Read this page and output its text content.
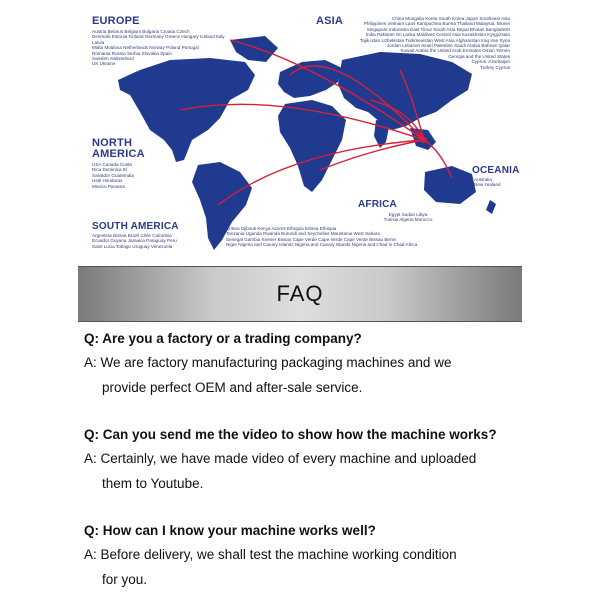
EUROPE
Austria Belarus Belgium Bulgaria Croatia Czech
Denmark Estonia Finland Germany Greece Hungary Iceland Italy
Latvia
Malta Moldova Netherlands Norway Poland Portugal
Romania Russia Serbia Slovakia Spain
Sweden Switzerland
UK Ukraine
ASIA	China Mongolia Korea South Korea Japan Southeast Asia
Philippines Vietnam Laos Kampuchea Burma Thailand Malaysia, Brunei
Singapore Indonesia East Timor South Asia Nepal Bhutan Bangladesh
India Pakistan Sri Lanka Maldives Central Asia Kazakhstan Kyrgyzstan
Tajik istan Uzbekistan Turkmenistan West Asia Afghanistan Iraq Iran Syria
Jordan Lebanon Israel Palestine Saudi Arabia Bahrain Qatar
Kuwait Arabia the United Arab Emirates Oman Yemen
Georgia and the United States
Cyprus, Azerbaijan
Turkey Cyprus
NORTH
AMERICA
USA Canada Costa
Rica Dominica El
Salvador Guatemala
Haiti Honduras
Mexico Panama
OCEANIA
Australia
New zealand
AFRICA
Egypt Sudan Libya
Tunisia Algeria Morocco
Eritrea Djibouti Kenya Azores Ethiopia Eritrea Ethiopia
Tanzania Uganda Rwanda Burundi and Seychelles Mauritania West Sahara
Senegal Gambia Keener Bissau Cape Verde Cape Verde Cape Verde Bissau Benin
Niger Nigeria and Canary Islands Nigeria and Canary Islands Nigeria and Chad in Chad Africa
SOUTH AMERICA
Argentina Bolivia Brazil Chile Colombia
Ecuador Guyana Jamaica Paraguay Peru
Saint Lucia Tobago Uruguay Venezuela
FAQ

Q: Are you a factory or a trading company?

A: We are factory manufacturing packaging machines and we
provide perfect OEM and after-sale service.

Q: Can you send me the video to show how the machine works?

A: Certainly, we have made video of every machine and uploaded
them to Youtube.

Q: How can I know your machine works well?

A: Before delivery, we shall test the machine working condition
for you.
